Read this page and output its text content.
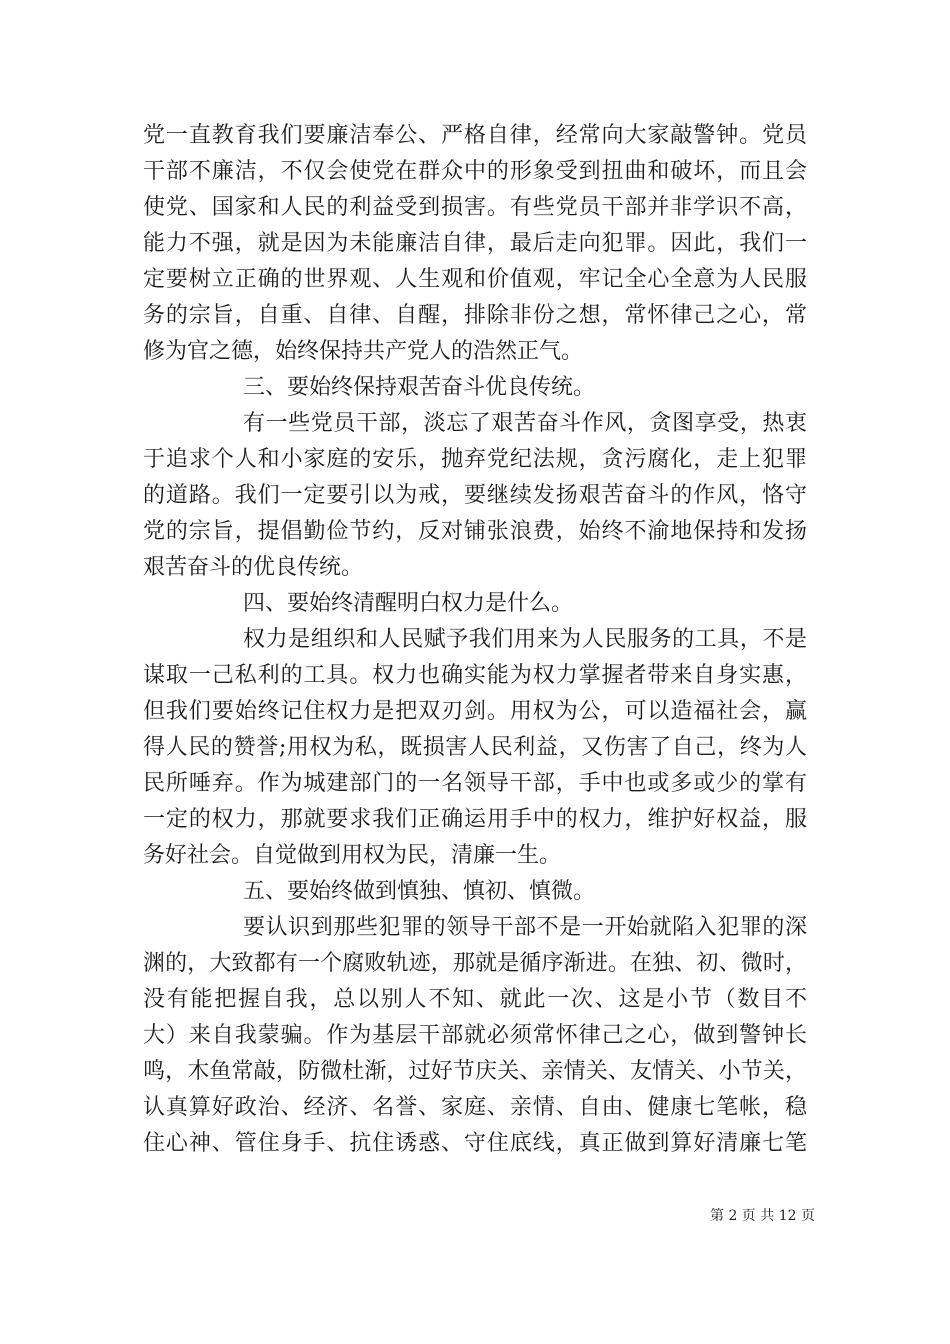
党一直教育我们要廉洁奉公、严格自律，经常向大家敲警钟。党员
干部不廉洁，不仅会使党在群众中的形象受到扭曲和破坏，而且会
使党、国家和人民的利益受到损害。有些党员干部并非学识不高，
能力不强，就是因为未能廉洁自律，最后走向犯罪。因此，我们一
定要树立正确的世界观、人生观和价值观，牢记全心全意为人民服
务的宗旨，自重、自律、自醒，排除非份之想，常怀律己之心，常
修为官之德，始终保持共产党人的浩然正气。
三、要始终保持艰苦奋斗优良传统。
有一些党员干部，淡忘了艰苦奋斗作风，贪图享受，热衷
于追求个人和小家庭的安乐，抛弃党纪法规，贪污腐化，走上犯罪
的道路。我们一定要引以为戒，要继续发扬艰苦奋斗的作风，恪守
党的宗旨，提倡勤俭节约，反对铺张浪费，始终不渝地保持和发扬
艰苦奋斗的优良传统。
四、要始终清醒明白权力是什么。
权力是组织和人民赋予我们用来为人民服务的工具，不是
谋取一己私利的工具。权力也确实能为权力掌握者带来自身实惠，
但我们要始终记住权力是把双刃剑。用权为公，可以造福社会，赢
得人民的赞誉;用权为私，既损害人民利益，又伤害了自己，终为人
民所唾弃。作为城建部门的一名领导干部，手中也或多或少的掌有
一定的权力，那就要求我们正确运用手中的权力，维护好权益，服
务好社会。自觉做到用权为民，清廉一生。
五、要始终做到慎独、慎初、慎微。
要认识到那些犯罪的领导干部不是一开始就陷入犯罪的深
渊的，大致都有一个腐败轨迹，那就是循序渐进。在独、初、微时，
没有能把握自我，总以别人不知、就此一次、这是小节（数目不
大）来自我蒙骗。作为基层干部就必须常怀律己之心，做到警钟长
鸣，木鱼常敲，防微杜渐，过好节庆关、亲情关、友情关、小节关，
认真算好政治、经济、名誉、家庭、亲情、自由、健康七笔帐，稳
住心神、管住身手、抗住诱惑、守住底线，真正做到算好清廉七笔
第 2 页 共 12 页
